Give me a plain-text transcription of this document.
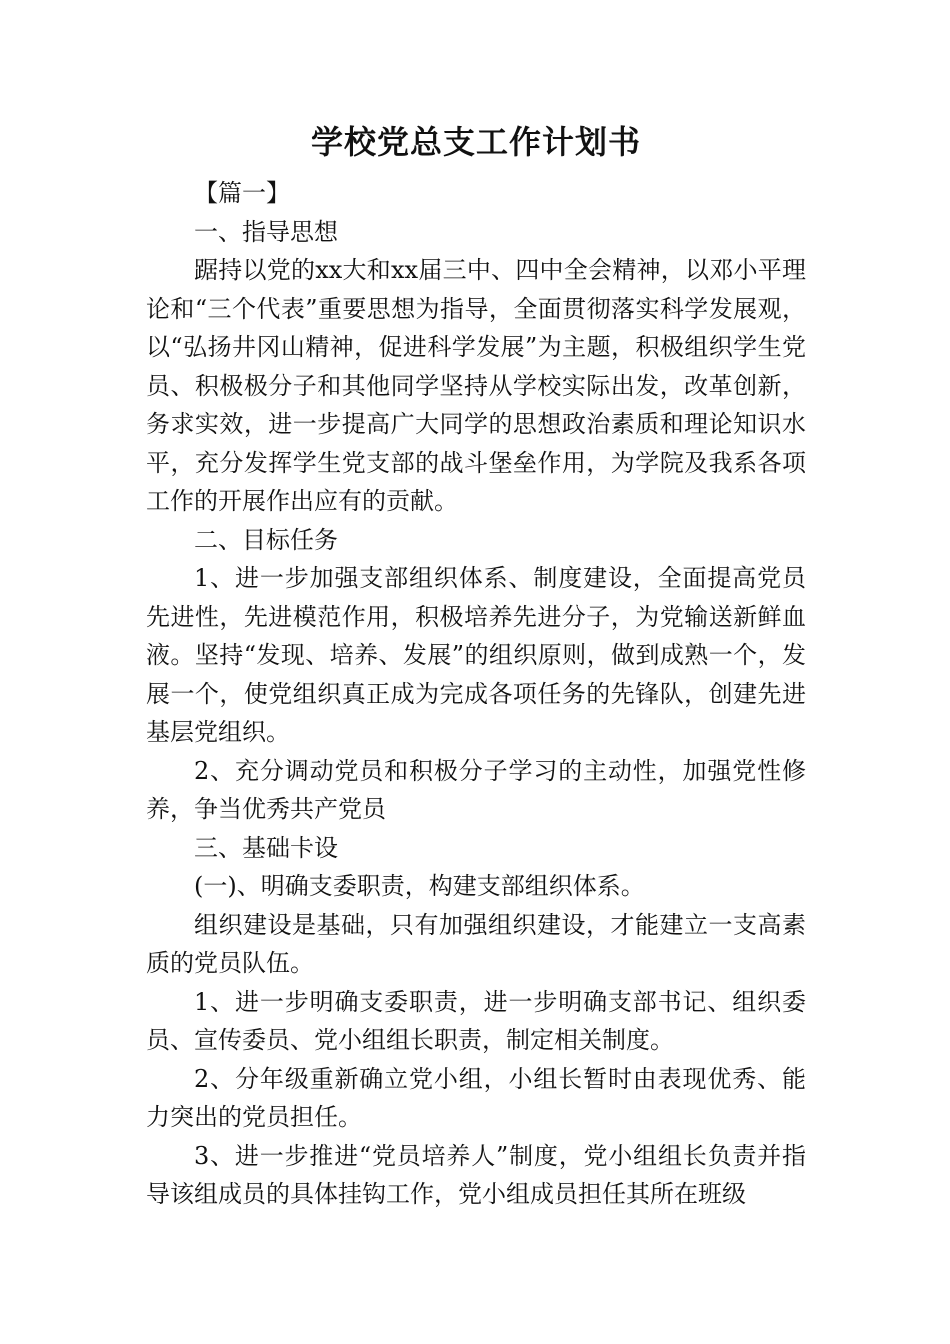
学校党总支工作计划书

【篇一】

一、指导思想

踞持以党的xx大和xx届三中、四中全会精神，以邓小平理论和“三个代表”重要思想为指导，全面贯彻落实科学发展观，以“弘扬井冈山精神，促进科学发展”为主题，积极组织学生党员、积极极分子和其他同学坚持从学校实际出发，改革创新，务求实效，进一步提高广大同学的思想政治素质和理论知识水平，充分发挥学生党支部的战斗堡垒作用，为学院及我系各项工作的开展作出应有的贡献。

二、目标任务

1、进一步加强支部组织体系、制度建设，全面提高党员先进性，先进模范作用，积极培养先进分子，为党输送新鲜血液。坚持“发现、培养、发展”的组织原则，做到成熟一个，发展一个，使党组织真正成为完成各项任务的先锋队，创建先进基层党组织。

2、充分调动党员和积极分子学习的主动性，加强党性修养，争当优秀共产党员

三、基础卡设

(一)、明确支委职责，构建支部组织体系。

组织建设是基础，只有加强组织建设，才能建立一支高素质的党员队伍。

1、进一步明确支委职责，进一步明确支部书记、组织委员、宣传委员、党小组组长职责，制定相关制度。

2、分年级重新确立党小组，小组长暂时由表现优秀、能力突出的党员担任。

3、进一步推进“党员培养人”制度，党小组组长负责并指导该组成员的具体挂钩工作，党小组成员担任其所在班级
